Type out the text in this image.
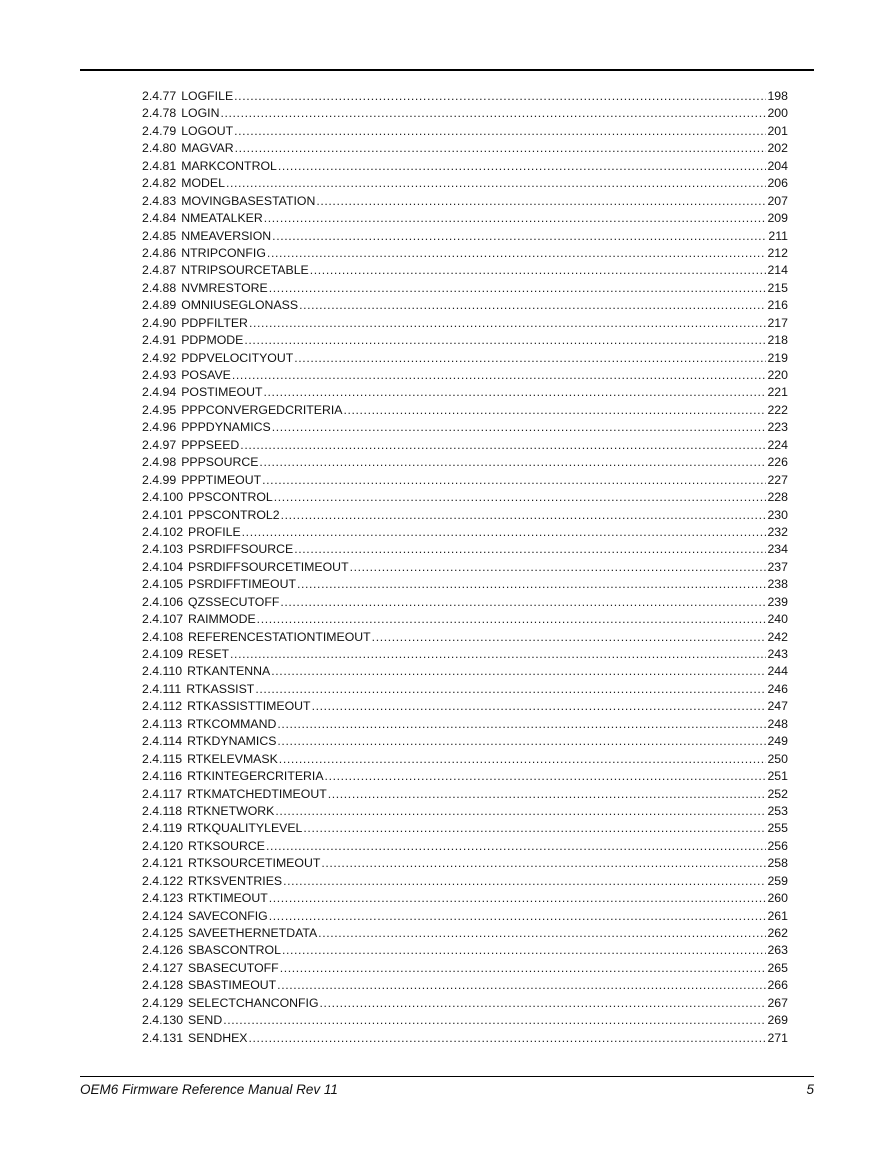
2.4.77 LOGFILE .....	198
2.4.78 LOGIN .....	200
2.4.79 LOGOUT .....	201
2.4.80 MAGVAR .....	202
2.4.81 MARKCONTROL .....	204
2.4.82 MODEL .....	206
2.4.83 MOVINGBASESTATION .....	207
2.4.84 NMEATALKER .....	209
2.4.85 NMEAVERSION .....	211
2.4.86 NTRIPCONFIG .....	212
2.4.87 NTRIPSOURCETABLE .....	214
2.4.88 NVMRESTORE .....	215
2.4.89 OMNIUSEGLONASS .....	216
2.4.90 PDPFILTER .....	217
2.4.91 PDPMODE .....	218
2.4.92 PDPVELOCITYOUT .....	219
2.4.93 POSAVE .....	220
2.4.94 POSTIMEOUT .....	221
2.4.95 PPPCONVERGEDCRITERIA .....	222
2.4.96 PPPDYNAMICS .....	223
2.4.97 PPPSEED .....	224
2.4.98 PPPSOURCE .....	226
2.4.99 PPPTIMEOUT .....	227
2.4.100 PPSCONTROL .....	228
2.4.101 PPSCONTROL2 .....	230
2.4.102 PROFILE .....	232
2.4.103 PSRDIFFSOURCE .....	234
2.4.104 PSRDIFFSOURCETIMEOUT .....	237
2.4.105 PSRDIFFTIMEOUT .....	238
2.4.106 QZSSECUTOFF .....	239
2.4.107 RAIMMODE .....	240
2.4.108 REFERENCESTATIONTIMEOUT .....	242
2.4.109 RESET .....	243
2.4.110 RTKANTENNA .....	244
2.4.111 RTKASSIST .....	246
2.4.112 RTKASSISTTIMEOUT .....	247
2.4.113 RTKCOMMAND .....	248
2.4.114 RTKDYNAMICS .....	249
2.4.115 RTKELEVMASK .....	250
2.4.116 RTKINTEGERCRITERIA .....	251
2.4.117 RTKMATCHEDTIMEOUT .....	252
2.4.118 RTKNETWORK .....	253
2.4.119 RTKQUALITYLEVEL .....	255
2.4.120 RTKSOURCE .....	256
2.4.121 RTKSOURCETIMEOUT .....	258
2.4.122 RTKSVENTRIES .....	259
2.4.123 RTKTIMEOUT .....	260
2.4.124 SAVECONFIG .....	261
2.4.125 SAVEETHERNETDATA .....	262
2.4.126 SBASCONTROL .....	263
2.4.127 SBASECUTOFF .....	265
2.4.128 SBASTIMEOUT .....	266
2.4.129 SELECTCHANCONFIG .....	267
2.4.130 SEND .....	269
2.4.131 SENDHEX .....	271
OEM6 Firmware Reference Manual Rev 11	5
